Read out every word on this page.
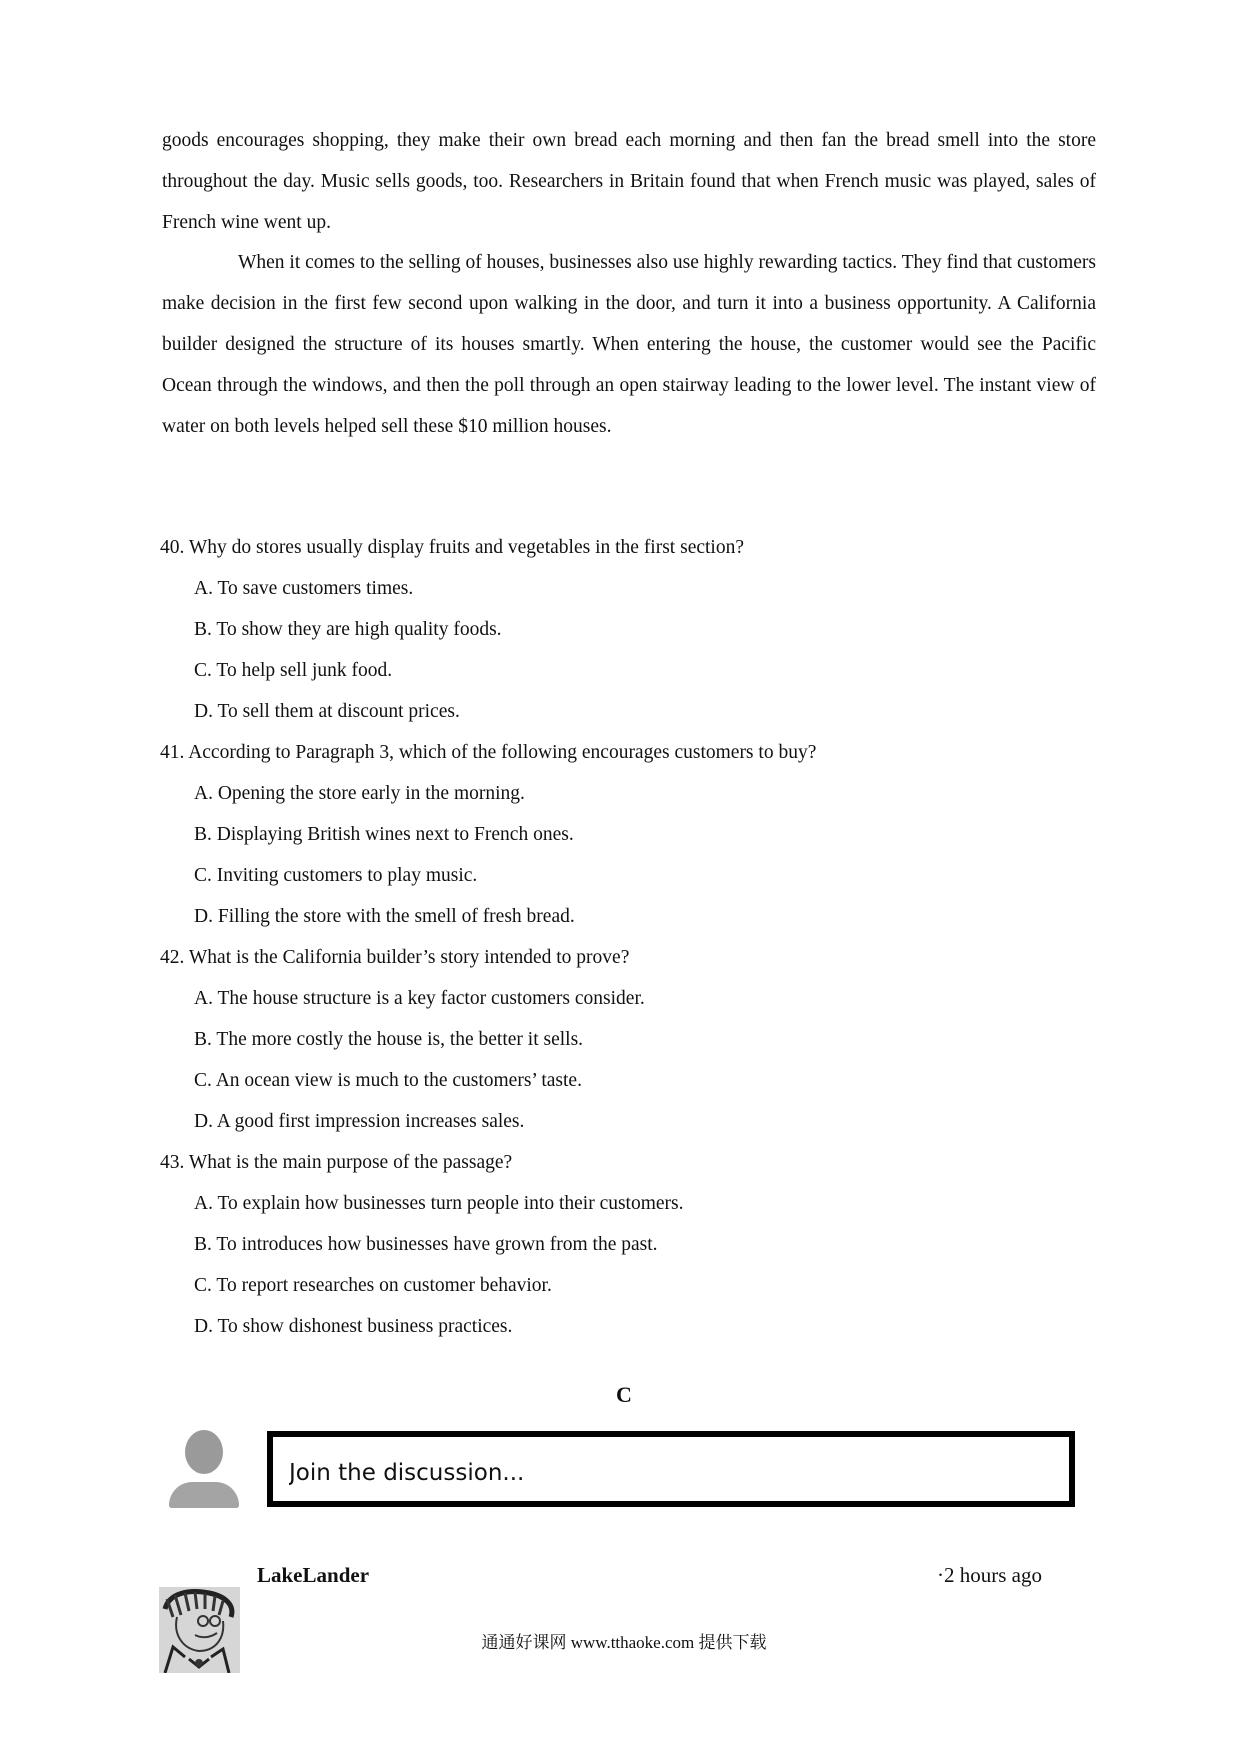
goods encourages shopping, they make their own bread each morning and then fan the bread smell into the store throughout the day. Music sells goods, too. Researchers in Britain found that when French music was played, sales of French wine went up.

When it comes to the selling of houses, businesses also use highly rewarding tactics. They find that customers make decision in the first few second upon walking in the door, and turn it into a business opportunity. A California builder designed the structure of its houses smartly. When entering the house, the customer would see the Pacific Ocean through the windows, and then the poll through an open stairway leading to the lower level. The instant view of water on both levels helped sell these $10 million houses.

40. Why do stores usually display fruits and vegetables in the first section?
A. To save customers times.
B. To show they are high quality foods.
C. To help sell junk food.
D. To sell them at discount prices.
41. According to Paragraph 3, which of the following encourages customers to buy?
A. Opening the store early in the morning.
B. Displaying British wines next to French ones.
C. Inviting customers to play music.
D. Filling the store with the smell of fresh bread.
42. What is the California builder’s story intended to prove?
A. The house structure is a key factor customers consider.
B. The more costly the house is, the better it sells.
C. An ocean view is much to the customers’ taste.
D. A good first impression increases sales.
43. What is the main purpose of the passage?
A. To explain how businesses turn people into their customers.
B. To introduces how businesses have grown from the past.
C. To report researches on customer behavior.
D. To show dishonest business practices.
C
Join the discussion...
LakeLander	·2 hours ago
通通好课网 www.tthaoke.com 提供下载
